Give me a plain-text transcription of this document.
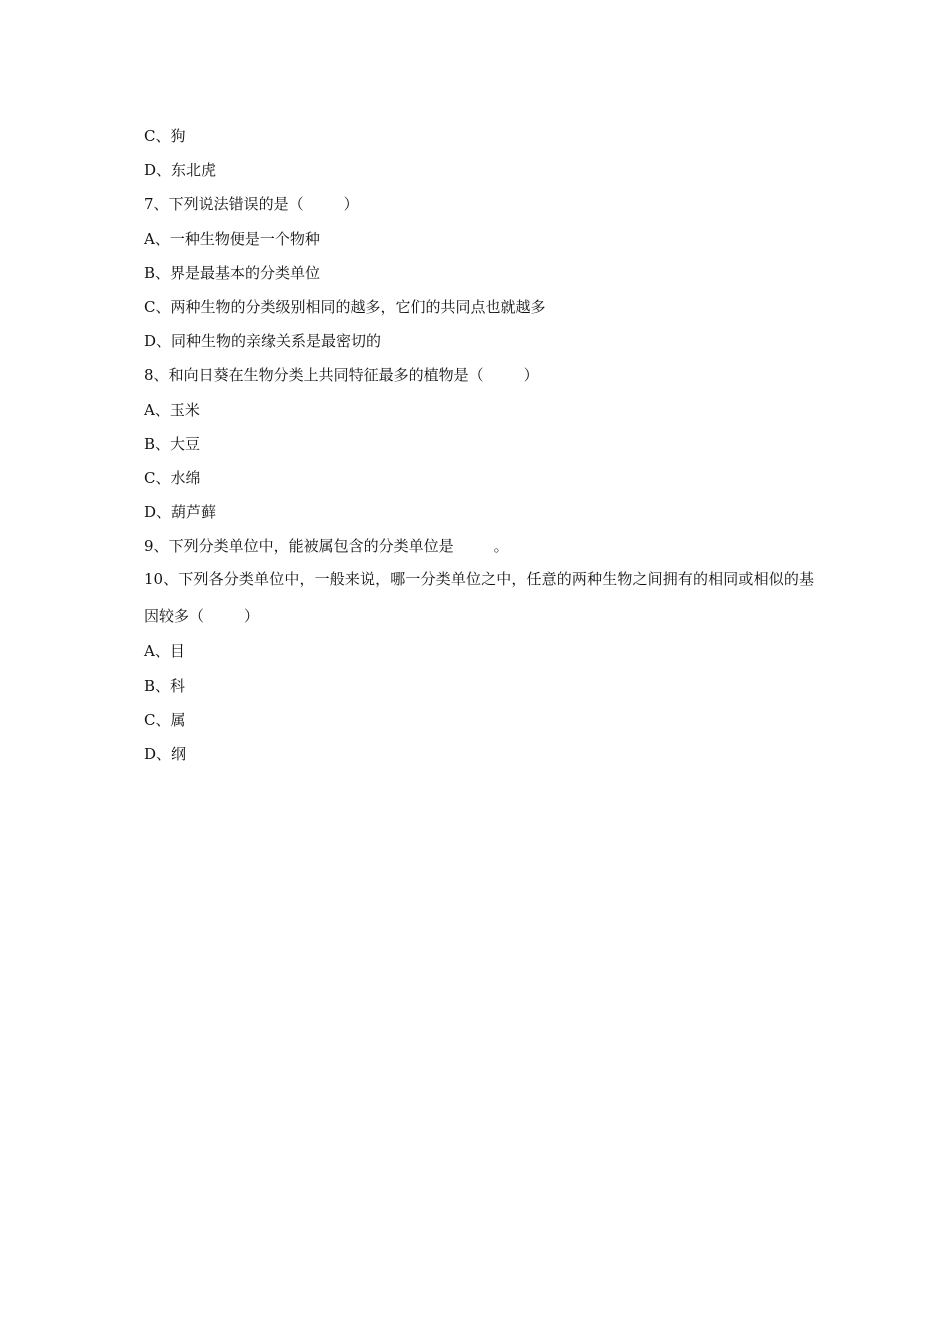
C、狗
D、东北虎
7、下列说法错误的是（	）
A、一种生物便是一个物种
B、界是最基本的分类单位
C、两种生物的分类级别相同的越多，它们的共同点也就越多
D、同种生物的亲缘关系是最密切的
8、和向日葵在生物分类上共同特征最多的植物是（	）
A、玉米
B、大豆
C、水绵
D、葫芦藓
9、下列分类单位中，能被属包含的分类单位是	。
10、下列各分类单位中，一般来说，哪一分类单位之中，任意的两种生物之间拥有的相同或相似的基因较多（	）
A、目
B、科
C、属
D、纲
